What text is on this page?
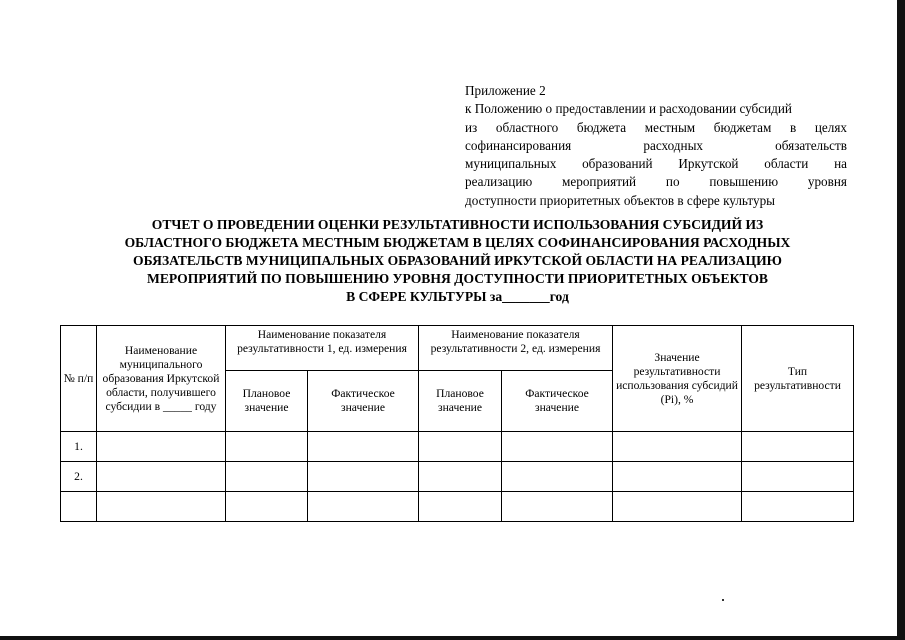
Приложение 2
к Положению о предоставлении и расходовании субсидий
из областного бюджета местным бюджетам в целях
софинансирования расходных обязательств
муниципальных образований Иркутской области на
реализацию мероприятий по повышению уровня
доступности приоритетных объектов в сфере культуры
ОТЧЕТ О ПРОВЕДЕНИИ ОЦЕНКИ РЕЗУЛЬТАТИВНОСТИ ИСПОЛЬЗОВАНИЯ СУБСИДИЙ ИЗ
ОБЛАСТНОГО БЮДЖЕТА МЕСТНЫМ БЮДЖЕТАМ В ЦЕЛЯХ СОФИНАНСИРОВАНИЯ РАСХОДНЫХ
ОБЯЗАТЕЛЬСТВ МУНИЦИПАЛЬНЫХ ОБРАЗОВАНИЙ ИРКУТСКОЙ ОБЛАСТИ НА РЕАЛИЗАЦИЮ
МЕРОПРИЯТИЙ ПО ПОВЫШЕНИЮ УРОВНЯ ДОСТУПНОСТИ ПРИОРИТЕТНЫХ ОБЪЕКТОВ
В СФЕРЕ КУЛЬТУРЫ за_______год
№ п/п	Наименование муниципального образования Иркутской области, получившего субсидии в _____ году	Наименование показателя результативности 1, ед. измерения		Наименование показателя результативности 2, ед. измерения		Значение результативности использования субсидий (Pi), %	Тип результативности
		Плановое значение	Фактическое значение	Плановое значение	Фактическое значение		
1.							
2.							
